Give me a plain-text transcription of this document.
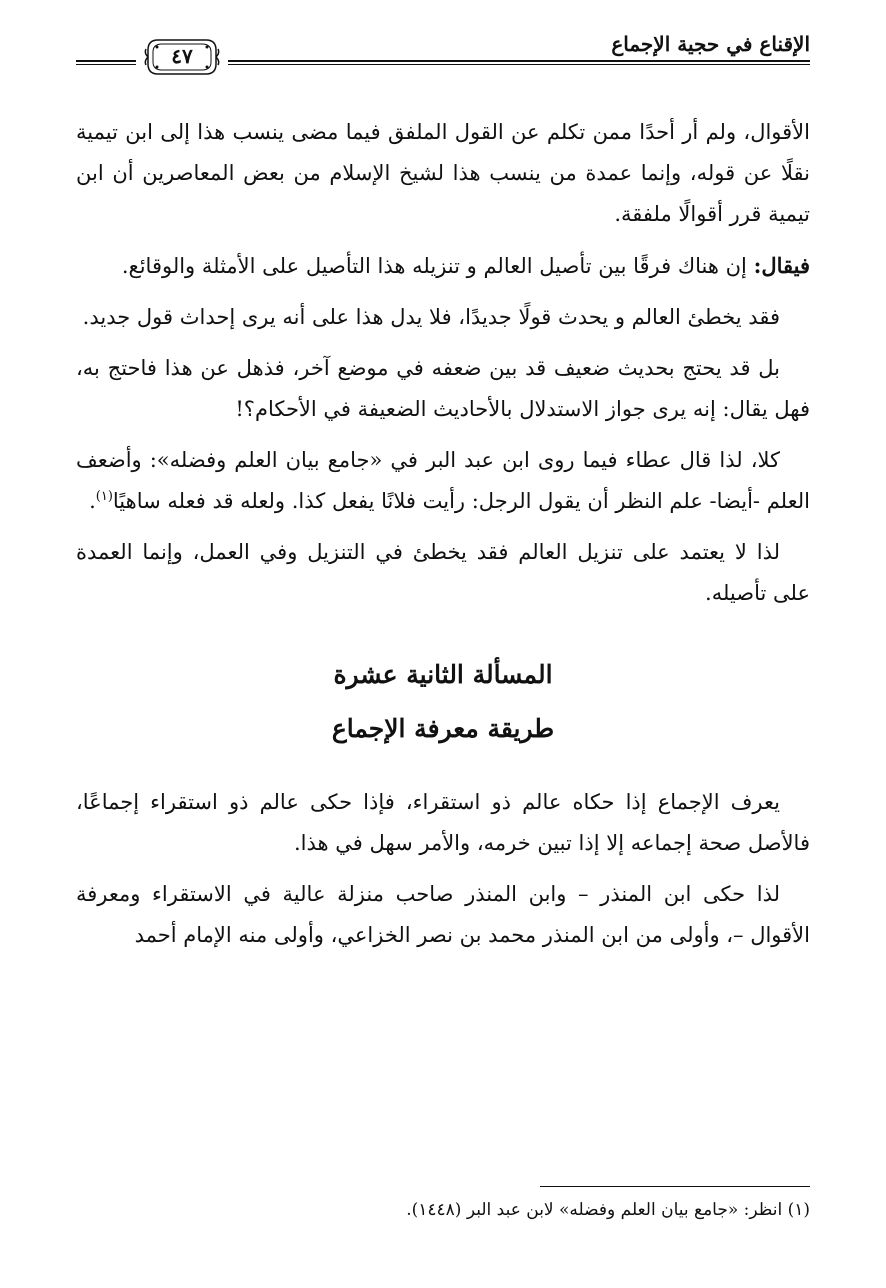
الإقناع في حجية الإجماع
٤٧

الأقوال، ولم أر أحدًا ممن تكلم عن القول الملفق فيما مضى ينسب هذا إلى ابن تيمية نقلًا عن قوله، وإنما عمدة من ينسب هذا لشيخ الإسلام من بعض المعاصرين أن ابن تيمية قرر أقوالًا ملفقة.

فيقال: إن هناك فرقًا بين تأصيل العالم و تنزيله هذا التأصيل على الأمثلة والوقائع.

فقد يخطئ العالم و يحدث قولًا جديدًا، فلا يدل هذا على أنه يرى إحداث قول جديد.

بل قد يحتج بحديث ضعيف قد بين ضعفه في موضع آخر، فذهل عن هذا فاحتج به، فهل يقال: إنه يرى جواز الاستدلال بالأحاديث الضعيفة في الأحكام؟!

كلا، لذا قال عطاء فيما روى ابن عبد البر في «جامع بيان العلم وفضله»: وأضعف العلم -أيضا- علم النظر أن يقول الرجل: رأيت فلانًا يفعل كذا. ولعله قد فعله ساهيًا$^{(١)}$.

لذا لا يعتمد على تنزيل العالم فقد يخطئ في التنزيل وفي العمل، وإنما العمدة على تأصيله.

المسألة الثانية عشرة
طريقة معرفة الإجماع

يعرف الإجماع إذا حكاه عالم ذو استقراء، فإذا حكى عالم ذو استقراء إجماعًا، فالأصل صحة إجماعه إلا إذا تبين خرمه، والأمر سهل في هذا.

لذا حكى ابن المنذر – وابن المنذر صاحب منزلة عالية في الاستقراء ومعرفة الأقوال –، وأولى من ابن المنذر محمد بن نصر الخزاعي، وأولى منه الإمام أحمد

(١) انظر: «جامع بيان العلم وفضله» لابن عبد البر (١٤٤٨).
